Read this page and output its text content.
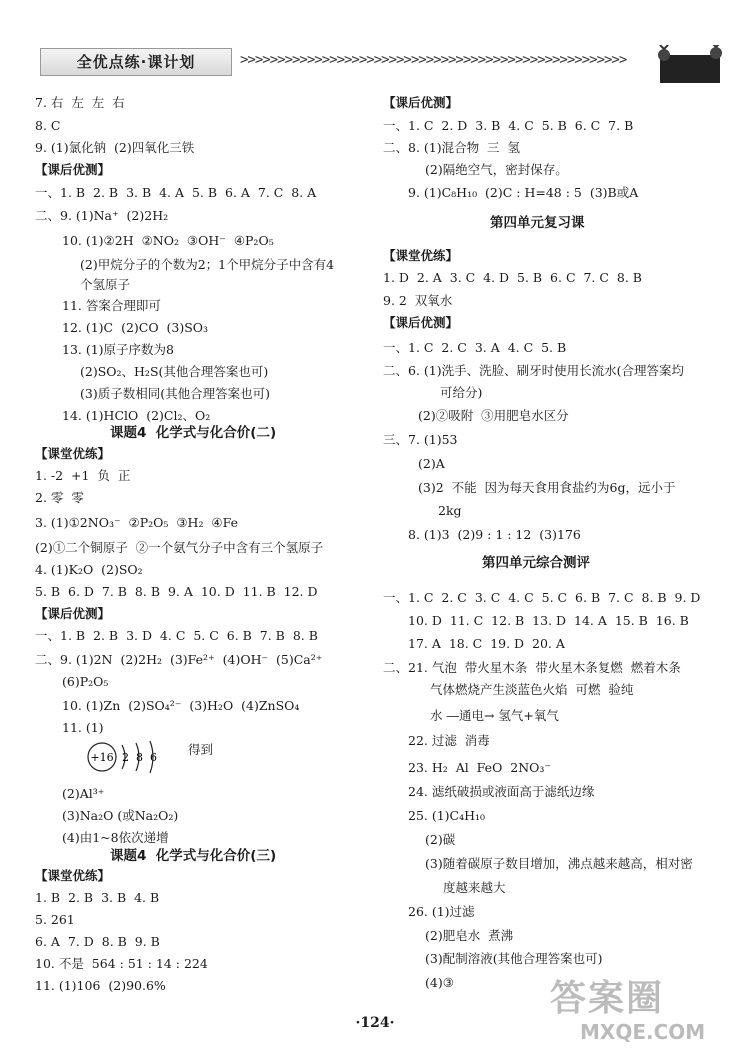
全优点练·课计划	>>>>>>>>>>>>>>>>>>>>>>>>>>>>>>>>>>>>>>>>>>>>>>>>>>>>
7. 右  左  左  右
8. C
9. (1)氯化钠  (2)四氧化三铁
【课后优测】
一、1. B  2. B  3. B  4. A  5. B  6. A  7. C  8. A
二、9. (1)Na⁺  (2)2H₂
10. (1)②2H  ②NO₂  ③OH⁻  ④P₂O₅
(2)甲烷分子的个数为2；1个甲烷分子中含有4
个氢原子
11. 答案合理即可
12. (1)C  (2)CO  (3)SO₃
13. (1)原子序数为8
(2)SO₂、H₂S(其他合理答案也可)
(3)质子数相同(其他合理答案也可)
14. (1)HClO  (2)Cl₂、O₂
课题4  化学式与化合价(二)
【课堂优练】
1. -2  +1  负  正
2. 零  零
3. (1)①2NO₃⁻  ②P₂O₅  ③H₂  ④Fe
(2)①二个铜原子  ②一个氨气分子中含有三个氢原子
4. (1)K₂O  (2)SO₂
5. B  6. D  7. B  8. B  9. A  10. D  11. B  12. D
【课后优测】
一、1. B  2. B  3. D  4. C  5. C  6. B  7. B  8. B
二、9. (1)2N  (2)2H₂  (3)Fe²⁺  (4)OH⁻  (5)Ca²⁺
(6)P₂O₅
10. (1)Zn  (2)SO₄²⁻  (3)H₂O  (4)ZnSO₄
11. (1)
得到
(2)Al³⁺
(3)Na₂O (或Na₂O₂)
(4)由1~8依次递增
课题4  化学式与化合价(三)
【课堂优练】
1. B  2. B  3. B  4. B
5. 261
6. A  7. D  8. B  9. B
10. 不是  564 : 51 : 14 : 224
11. (1)106  (2)90.6%
【课后优测】
一、1. C  2. D  3. B  4. C  5. B  6. C  7. B
二、8. (1)混合物  三  氢
(2)隔绝空气，密封保存。
9. (1)C₈H₁₀  (2)C : H=48 : 5  (3)B或A
第四单元复习课
【课堂优练】
1. D  2. A  3. C  4. D  5. B  6. C  7. C  8. B
9. 2  双氧水
【课后优测】
一、1. C  2. C  3. A  4. C  5. B
二、6. (1)洗手、洗脸、刷牙时使用长流水(合理答案均
可给分)
(2)②吸附  ③用肥皂水区分
三、7. (1)53
(2)A
(3)2  不能  因为每天食用食盐约为6g，远小于
2kg
8. (1)3  (2)9 : 1 : 12  (3)176
第四单元综合测评
一、1. C  2. C  3. C  4. C  5. C  6. B  7. C  8. B  9. D
10. D  11. C  12. B  13. D  14. A  15. B  16. B
17. A  18. C  19. D  20. A
二、21. 气泡  带火星木条  带火星木条复燃  燃着木条
气体燃烧产生淡蓝色火焰  可燃  验纯
水 ―通电→ 氢气+氧气
22. 过滤  消毒
23. H₂  Al  FeO  2NO₃⁻
24. 滤纸破损或液面高于滤纸边缘
25. (1)C₄H₁₀
(2)碳
(3)随着碳原子数目增加，沸点越来越高，相对密
度越来越大
26. (1)过滤
(2)肥皂水  煮沸
(3)配制溶液(其他合理答案也可)
(4)③
+16 2 8 6
·124·
答案圈
MXQE.COM
